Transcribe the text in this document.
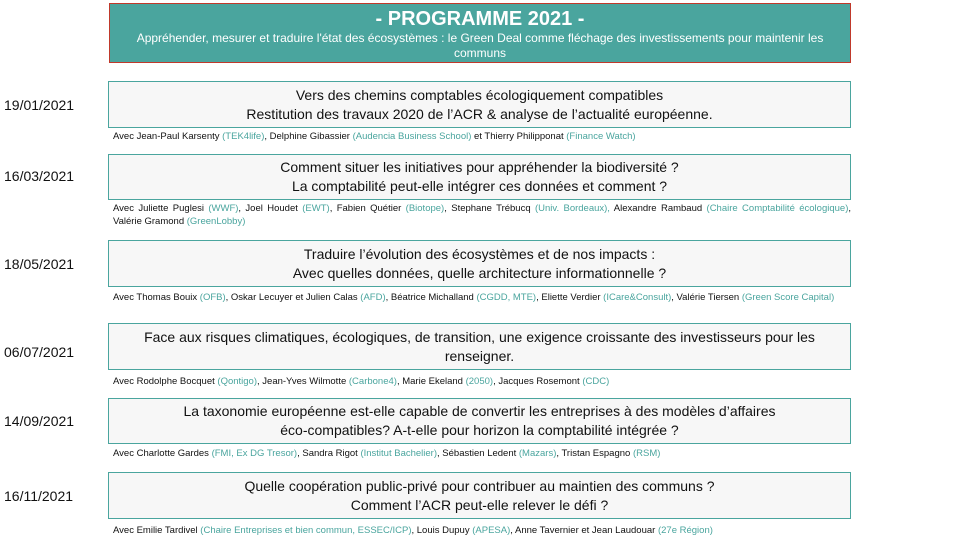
- PROGRAMME 2021 -
Appréhender, mesurer et traduire l'état des écosystèmes : le Green Deal comme fléchage des investissements pour maintenir les communs
19/01/2021
Vers des chemins comptables écologiquement compatibles
Restitution des travaux 2020 de l’ACR & analyse de l’actualité européenne.
Avec Jean-Paul Karsenty (TEK4life), Delphine Gibassier (Audencia Business School) et Thierry Philipponat (Finance Watch)
16/03/2021
Comment situer les initiatives pour appréhender la biodiversité ?
La comptabilité peut-elle intégrer ces données et comment ?
Avec Juliette Puglesi (WWF), Joel Houdet (EWT), Fabien Quétier (Biotope), Stephane Trébucq (Univ. Bordeaux), Alexandre Rambaud (Chaire Comptabilité écologique), Valérie Gramond (GreenLobby)
18/05/2021
Traduire l’évolution des écosystèmes et de nos impacts :
Avec quelles données, quelle architecture informationnelle ?
Avec Thomas Bouix (OFB), Oskar Lecuyer et Julien Calas (AFD), Béatrice Michalland (CGDD, MTE), Eliette Verdier (ICare&Consult), Valérie Tiersen (Green Score Capital)
06/07/2021
Face aux risques climatiques, écologiques, de transition, une exigence croissante des investisseurs pour les renseigner.
Avec Rodolphe Bocquet (Qontigo), Jean-Yves Wilmotte (Carbone4), Marie Ekeland (2050), Jacques Rosemont (CDC)
14/09/2021
La taxonomie européenne est-elle capable de convertir les entreprises à des modèles d’affaires
éco-compatibles? A-t-elle pour horizon la comptabilité intégrée ?
Avec Charlotte Gardes (FMI, Ex DG Tresor), Sandra Rigot (Institut Bachelier), Sébastien Ledent (Mazars), Tristan Espagno (RSM)
16/11/2021
Quelle coopération public-privé pour contribuer au maintien des communs ?
Comment l’ACR peut-elle relever le défi ?
Avec Emilie Tardivel (Chaire Entreprises et bien commun, ESSEC/ICP), Louis Dupuy (APESA), Anne Tavernier et Jean Laudouar (27e Région)
